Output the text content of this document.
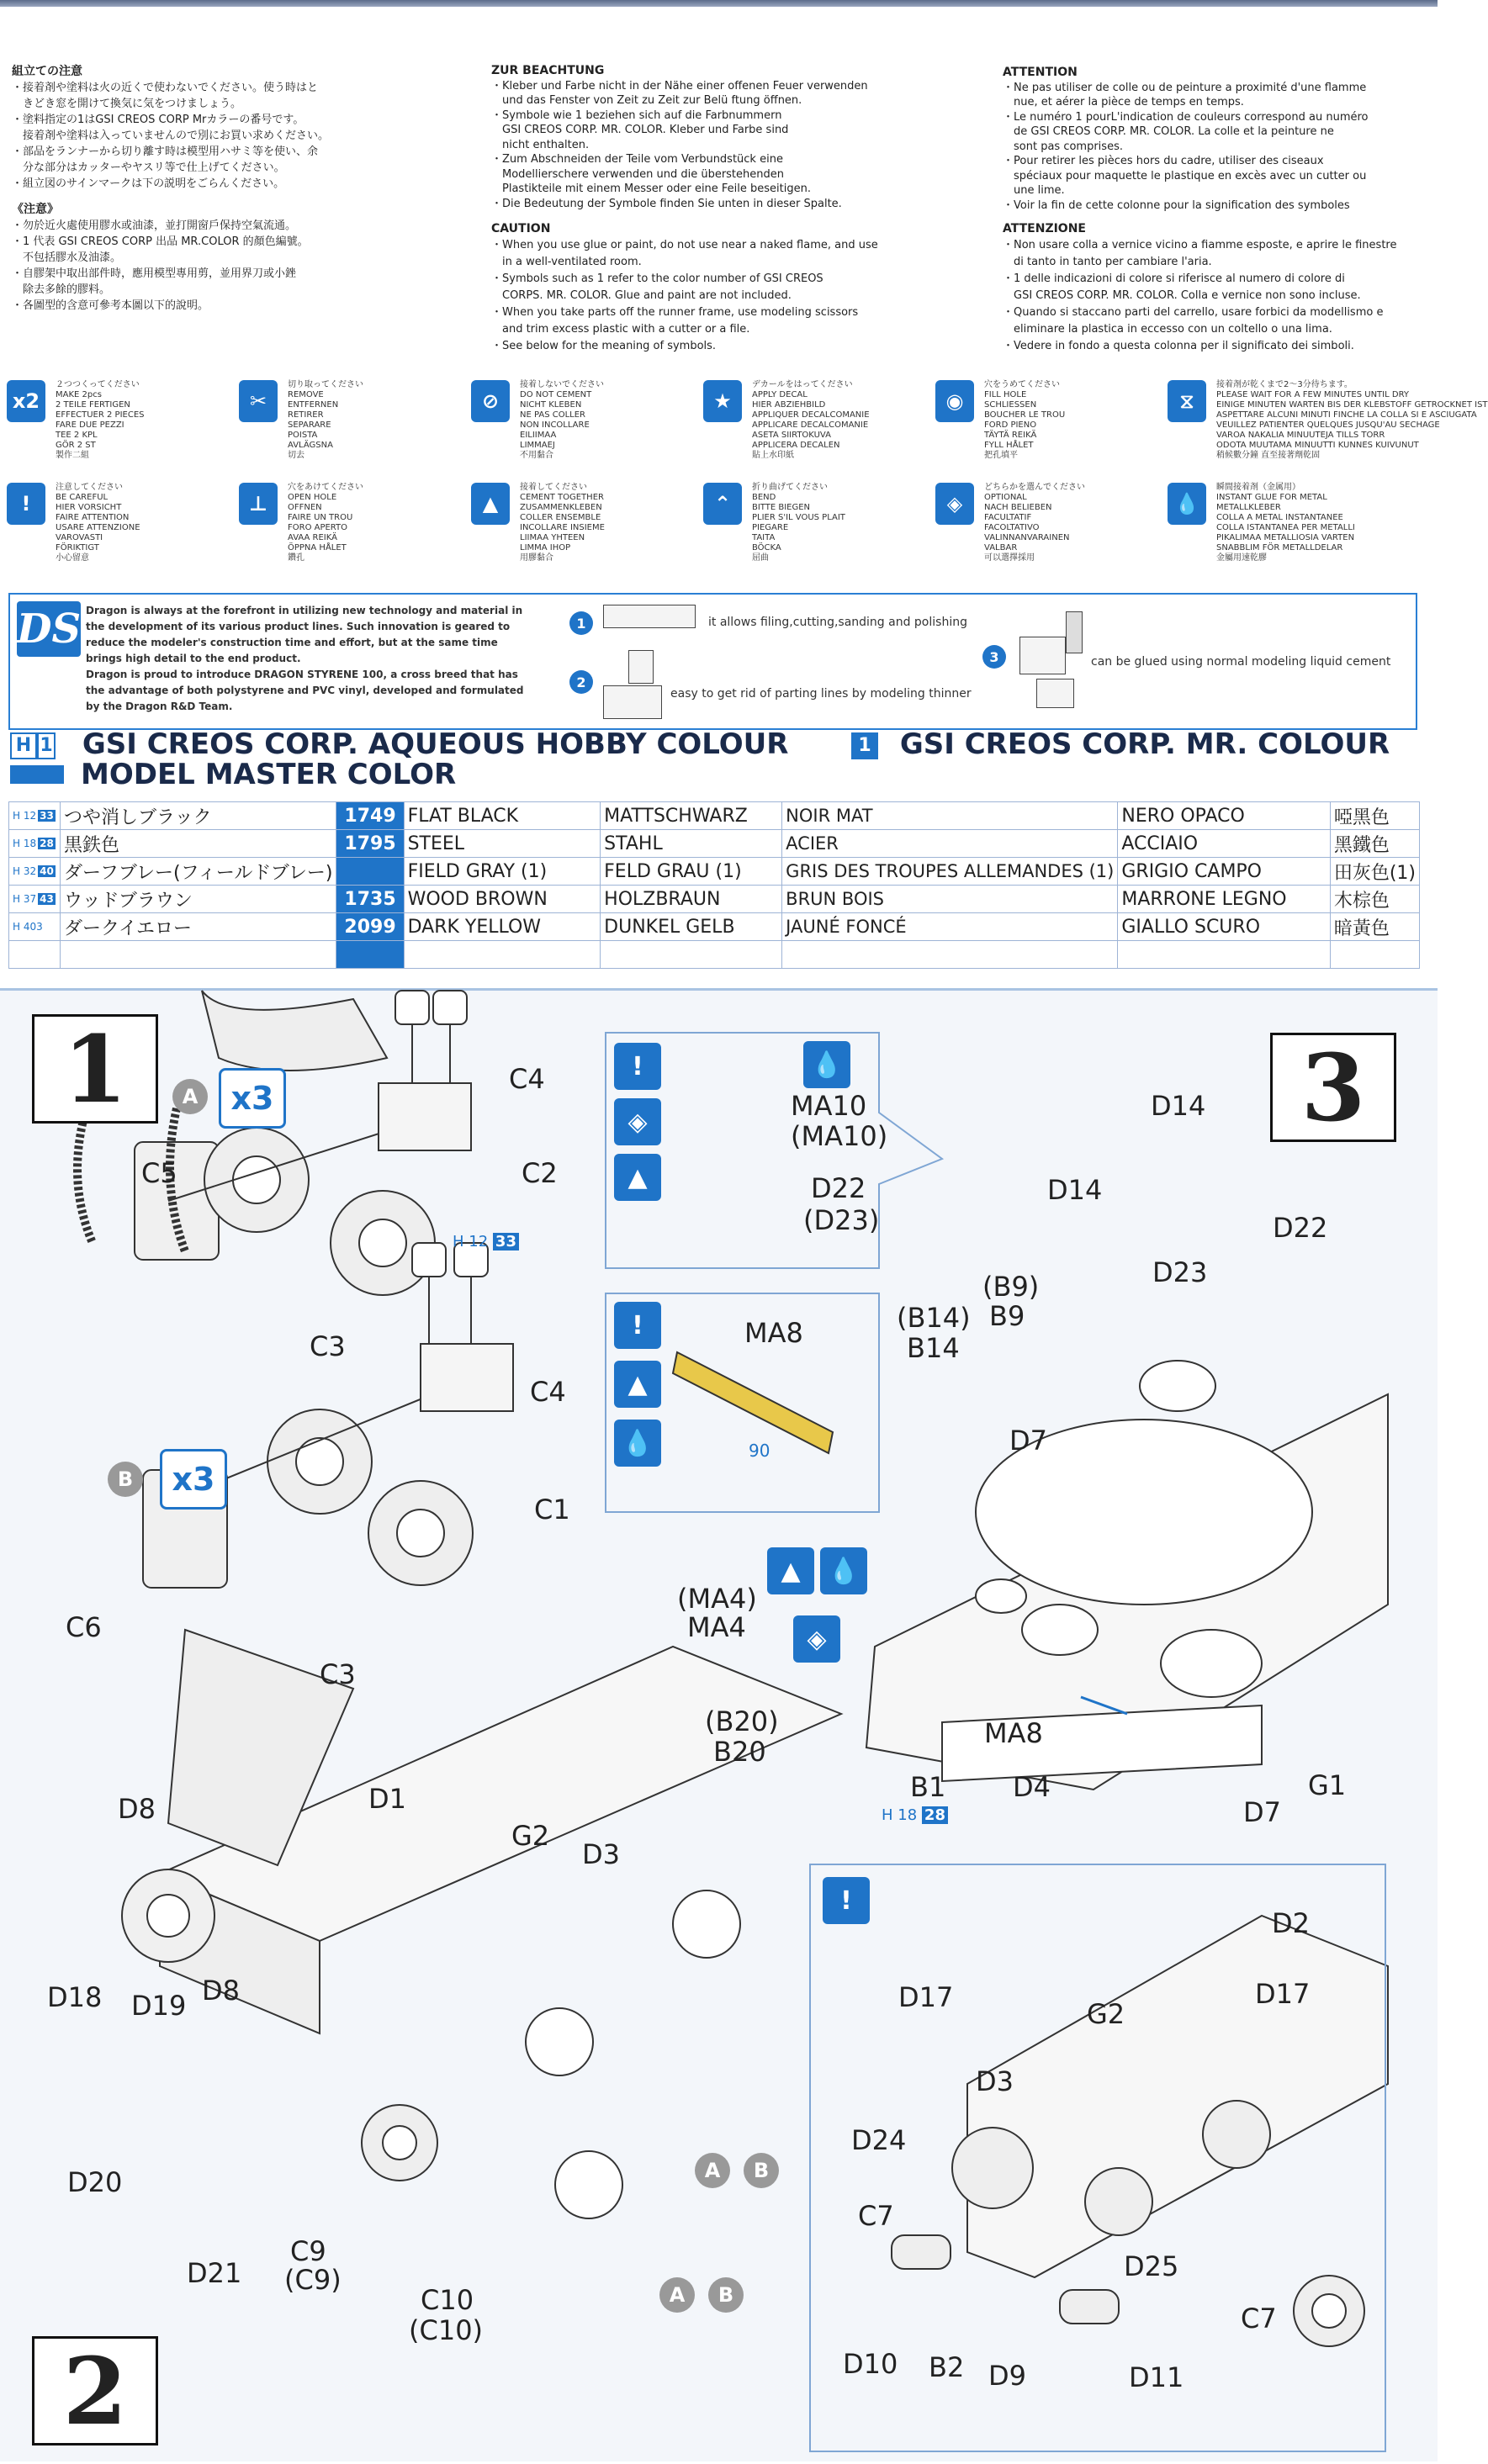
組立ての注意
・接着剤や塗料は火の近くで使わないでください。使う時はと
　きどき窓を開けて換気に気をつけましょう。
・塗料指定の1はGSI CREOS CORP Mrカラーの番号です。
　接着剤や塗料は入っていませんので別にお買い求めください。
・部品をランナーから切り離す時は模型用ハサミ等を使い、余
　分な部分はカッターやヤスリ等で仕上げてください。
・組立図のサインマークは下の説明をごらんください。
《注意》
・勿於近火處使用膠水或油漆，並打開窗戶保持空氣流通。
・1 代表 GSI CREOS CORP 出品 MR.COLOR 的顏色編號。
　不包括膠水及油漆。
・自膠架中取出部件時，應用模型專用剪，並用界刀或小銼
　除去多餘的膠料。
・各圖型的含意可參考本圖以下的說明。
ZUR BEACHTUNG
・Kleber und Farbe nicht in der Nähe einer offenen Feuer verwenden
　und das Fenster von Zeit zu Zeit zur Belü ftung öffnen.
・Symbole wie 1 beziehen sich auf die Farbnummern
　GSI CREOS CORP. MR. COLOR. Kleber und Farbe sind
　nicht enthalten.
・Zum Abschneiden der Teile vom Verbundstück eine
　Modellierschere verwenden und die überstehenden
　Plastikteile mit einem Messer oder eine Feile beseitigen.
・Die Bedeutung der Symbole finden Sie unten in dieser Spalte.
CAUTION
・When you use glue or paint, do not use near a naked flame, and use
　in a well-ventilated room.
・Symbols such as 1 refer to the color number of GSI CREOS
　CORPS. MR. COLOR. Glue and paint are not included.
・When you take parts off the runner frame, use modeling scissors
　and trim excess plastic with a cutter or a file.
・See below for the meaning of symbols.
ATTENTION
・Ne pas utiliser de colle ou de peinture a proximité d'une flamme
　nue, et aérer la pièce de temps en temps.
・Le numéro 1 pourL'indication de couleurs correspond au numéro
　de GSI CREOS CORP. MR. COLOR. La colle et la peinture ne
　sont pas comprises.
・Pour retirer les pièces hors du cadre, utiliser des ciseaux
　spéciaux pour maquette le plastique en excès avec un cutter ou
　une lime.
・Voir la fin de cette colonne pour la signification des symboles
ATTENZIONE
・Non usare colla a vernice vicino a fiamme esposte, e aprire le finestre
　di tanto in tanto per cambiare l'aria.
・1 delle indicazioni di colore si riferisce al numero di colore di
　GSI CREOS CORP. MR. COLOR. Colla e vernice non sono incluse.
・Quando si staccano parti del carrello, usare forbici da modellismo e
　eliminare la plastica in eccesso con un coltello o una lima.
・Vedere in fondo a questa colonna per il significato dei simboli.
x2
２つつくってください
MAKE 2pcs
2 TEILE FERTIGEN
EFFECTUER 2 PIECES
FARE DUE PEZZI
TEE 2 KPL
GÖR 2 ST
製作二組
✂
切り取ってください
REMOVE
ENTFERNEN
RETIRER
SEPARARE
POISTA
AVLÄGSNA
切去
⊘
接着しないでください
DO NOT CEMENT
NICHT KLEBEN
NE PAS COLLER
NON INCOLLARE
EILIIMAA
LIMMAEJ
不用黏合
★
デカールをはってください
APPLY DECAL
HIER ABZIEHBILD
APPLIQUER DECALCOMANIE
APPLICARE DECALCOMANIE
ASETA SIIRTOKUVA
APPLICERA DECALEN
貼上水印紙
◉
穴をうめてください
FILL HOLE
SCHLIESSEN
BOUCHER LE TROU
FORD PIENO
TÄYTÄ REIKÄ
FYLL HÅLET
把孔填平
⧖
接着剤が乾くまで2〜3分待ちます。
PLEASE WAIT FOR A FEW MINUTES UNTIL DRY
EINIGE MINUTEN WARTEN BIS DER KLEBSTOFF GETROCKNET IST
ASPETTARE ALCUNI MINUTI FINCHE LA COLLA SI E ASCIUGATA
VEUILLEZ PATIENTER QUELQUES JUSQU'AU SECHAGE
VAROA NAKALIA MINUUTEJA TILLS TORR
ODOTA MUUTAMA MINUUTTI KUNNES KUIVUNUT
稍候數分鐘 直至接著劑乾固
!
注意してください
BE CAREFUL
HIER VORSICHT
FAIRE ATTENTION
USARE ATTENZIONE
VAROVASTI
FÖRIKTIGT
小心留意
⊥
穴をあけてください
OPEN HOLE
OFFNEN
FAIRE UN TROU
FORO APERTO
AVAA REIKÄ
ÖPPNA HÅLET
鑽孔
▲
接着してください
CEMENT TOGETHER
ZUSAMMENKLEBEN
COLLER ENSEMBLE
INCOLLARE INSIEME
LIIMAA YHTEEN
LIMMA IHOP
用膠黏合
⌃
折り曲げてください
BEND
BITTE BIEGEN
PLIER S'IL VOUS PLAIT
PIEGARE
TAITA
BÖCKA
屈曲
◈
どちらかを選んでください
OPTIONAL
NACH BELIEBEN
FACULTATIF
FACOLTATIVO
VALINNANVARAINEN
VALBAR
可以選擇採用
💧
瞬間接着剤（金属用）
INSTANT GLUE FOR METAL
METALLKLEBER
COLLA A METAL INSTANTANEE
COLLA ISTANTANEA PER METALLI
PIKALIMAA METALLIOSIA VARTEN
SNABBLIM FÖR METALLDELAR
金屬用速乾膠
DS Dragon is always at the forefront in utilizing new technology and material in
the development of its various product lines. Such innovation is geared to
reduce the modeler's construction time and effort, but at the same time
brings high detail to the end product.
Dragon is proud to introduce DRAGON STYRENE 100, a cross breed that has
the advantage of both polystyrene and PVC vinyl, developed and formulated
by the Dragon R&D Team.
1	it allows filing,cutting,sanding and polishing
2
easy to get rid of parting lines by modeling thinner
3	can be glued using normal modeling liquid cement
H 1 GSI CREOS CORP. AQUEOUS HOBBY COLOUR	1 GSI CREOS CORP. MR. COLOUR
MODEL MASTER COLOR
H 12 33	つや消しブラック	1749	FLAT BLACK	MATTSCHWARZ	NOIR MAT	NERO OPACO	啞黑色
H 18 28	黒鉄色	1795	STEEL	STAHL	ACIER	ACCIAIO	黑鐵色
H 32 40	ダーフブレー(フィールドブレー)		FIELD GRAY (1)	FELD GRAU (1)	GRIS DES TROUPES ALLEMANDES (1)	GRIGIO CAMPO	田灰色(1)
H 37 43	ウッドブラウン	1735	WOOD BROWN	HOLZBRAUN	BRUN BOIS	MARRONE LEGNO	木棕色
H 403	ダークイエロー	2099	DARK YELLOW	DUNKEL GELB	JAUNÉ FONCÉ	GIALLO SCURO	暗黃色

1	3
2
A	x3
C4
C2
C5
C3
H 12 33
B	x3
C4
C1
C6
C3
!
◈
▲
💧
MA10
(MA10)
D22
(D23)
!
▲
💧
MA8
90
D14
D14
D22
D23
(B9)
B9
(B14)
B14
D7
▲	💧
(MA4)
MA4	◈
(B20)
B20
B1
H 18 28
MA8
D4
D7
G1
D8	D1
G2
D3
D18 D19 D8
D20
D21
C9
(C9)
C10
(C10)
A	B
A	B
!
D2
D17	D17
G2
D3
D24
C7
D25
C7
D10 B2 D9	D11
